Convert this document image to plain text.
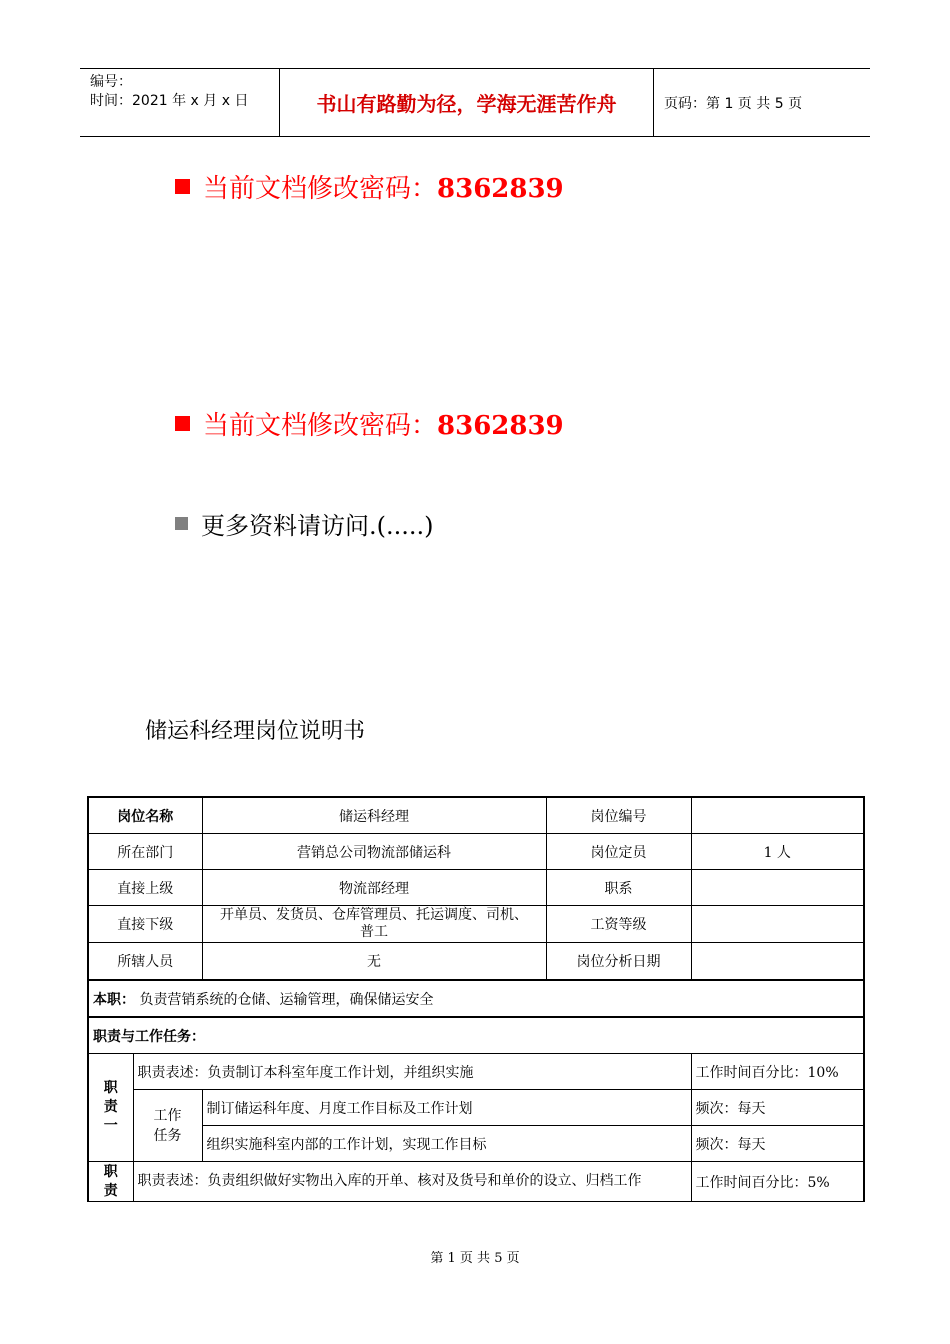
编号：
时间：2021 年 x 月 x 日	书山有路勤为径，学海无涯苦作舟	页码：第 1 页 共 5 页
当前文档修改密码：8362839
当前文档修改密码：8362839
更多资料请访问.(.....)
储运科经理岗位说明书
岗位名称		储运科经理	岗位编号	
所在部门		营销总公司物流部储运科	岗位定员	1 人
直接上级		物流部经理	职系	
直接下级		开单员、发货员、仓库管理员、托运调度、司机、普工	工资等级	
所辖人员		无	岗位分析日期	
本职： 负责营销系统的仓储、运输管理，确保储运安全				
职责与工作任务：				

职责一	职责表述：负责制订本科室年度工作计划，并组织实施			工作时间百分比：10%

	工作任务	制订储运科年度、月度工作目标及工作计划		频次：每天
		组织实施科室内部的工作计划，实现工作目标		频次：每天

职责	职责表述：负责组织做好实物出入库的开单、核对及货号和单价的设立、归档工作			工作时间百分比：5%
第 1 页 共 5 页
